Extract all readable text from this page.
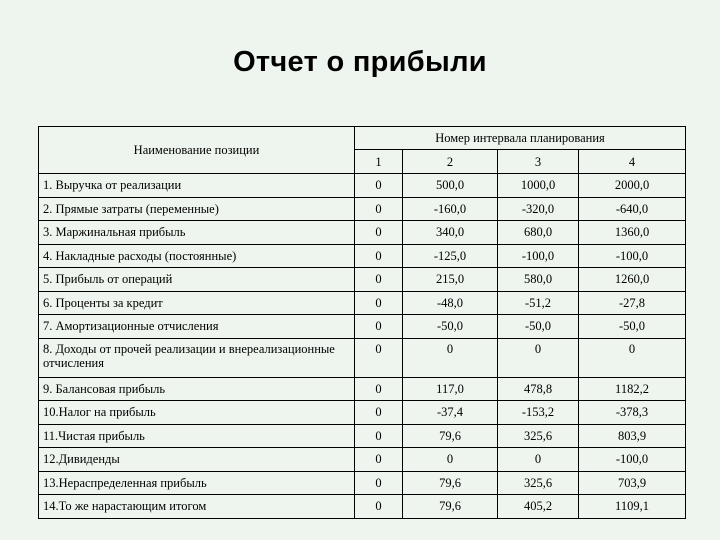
Отчет о прибыли
Наименование позиции	Номер интервала планирования			
	1	2	3	4
1. Выручка от реализации	0	500,0	1000,0	2000,0
2. Прямые затраты (переменные)	0	-160,0	-320,0	-640,0
3. Маржинальная прибыль	0	340,0	680,0	1360,0
4. Накладные расходы (постоянные)	0	-125,0	-100,0	-100,0
5. Прибыль от операций	0	215,0	580,0	1260,0
6. Проценты за кредит	0	-48,0	-51,2	-27,8
7. Амортизационные отчисления	0	-50,0	-50,0	-50,0
8. Доходы от прочей реализации и внереализационные отчисления	0	0	0	0
9. Балансовая прибыль	0	117,0	478,8	1182,2
10.Налог на прибыль	0	-37,4	-153,2	-378,3
11.Чистая прибыль	0	79,6	325,6	803,9
12.Дивиденды	0	0	0	-100,0
13.Нераспределенная прибыль	0	79,6	325,6	703,9
14.То же нарастающим итогом	0	79,6	405,2	1109,1
